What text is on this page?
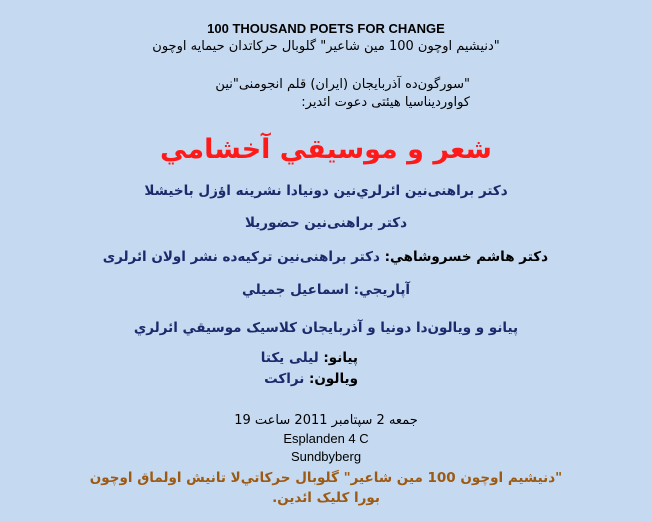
100 THOUSAND POETS FOR CHANGE
"دنیشیم اوچون 100 مین شاعیر" گلوبال حرکاتدان حیمایه اوچون
"سورگون‌ده آذربایجان (ایران) قلم انجومنی"نین
کواوردیناسیا هیئتی دعوت ائدیر:
شعر و موسیقي آخشامي
دکتر براهنی‌نین ائرلري‌نین دونیادا نشرینه اؤزل باخیشلا
دکتر براهنی‌نین حضوریلا
دکتر هاشم خسروشاهي: دکتر براهنی‌نین ترکیه‌ده نشر اولان ائرلری
آپاریجي: اسماعیل جمیلي
پیانو و ویالون‌دا دونیا و آذربایجان کلاسیک موسیقي ائرلري
پیانو: لیلی یکتا
ویالون: نراکت
جمعه 2 سپتامبر 2011 ساعت 19
Esplanden 4 C
Sundbyberg
"دنیشیم اوچون 100 مین شاعیر" گلوبال حرکاتي‌لا تانیش اولماق اوچون
بورا کلیک ائدین.
